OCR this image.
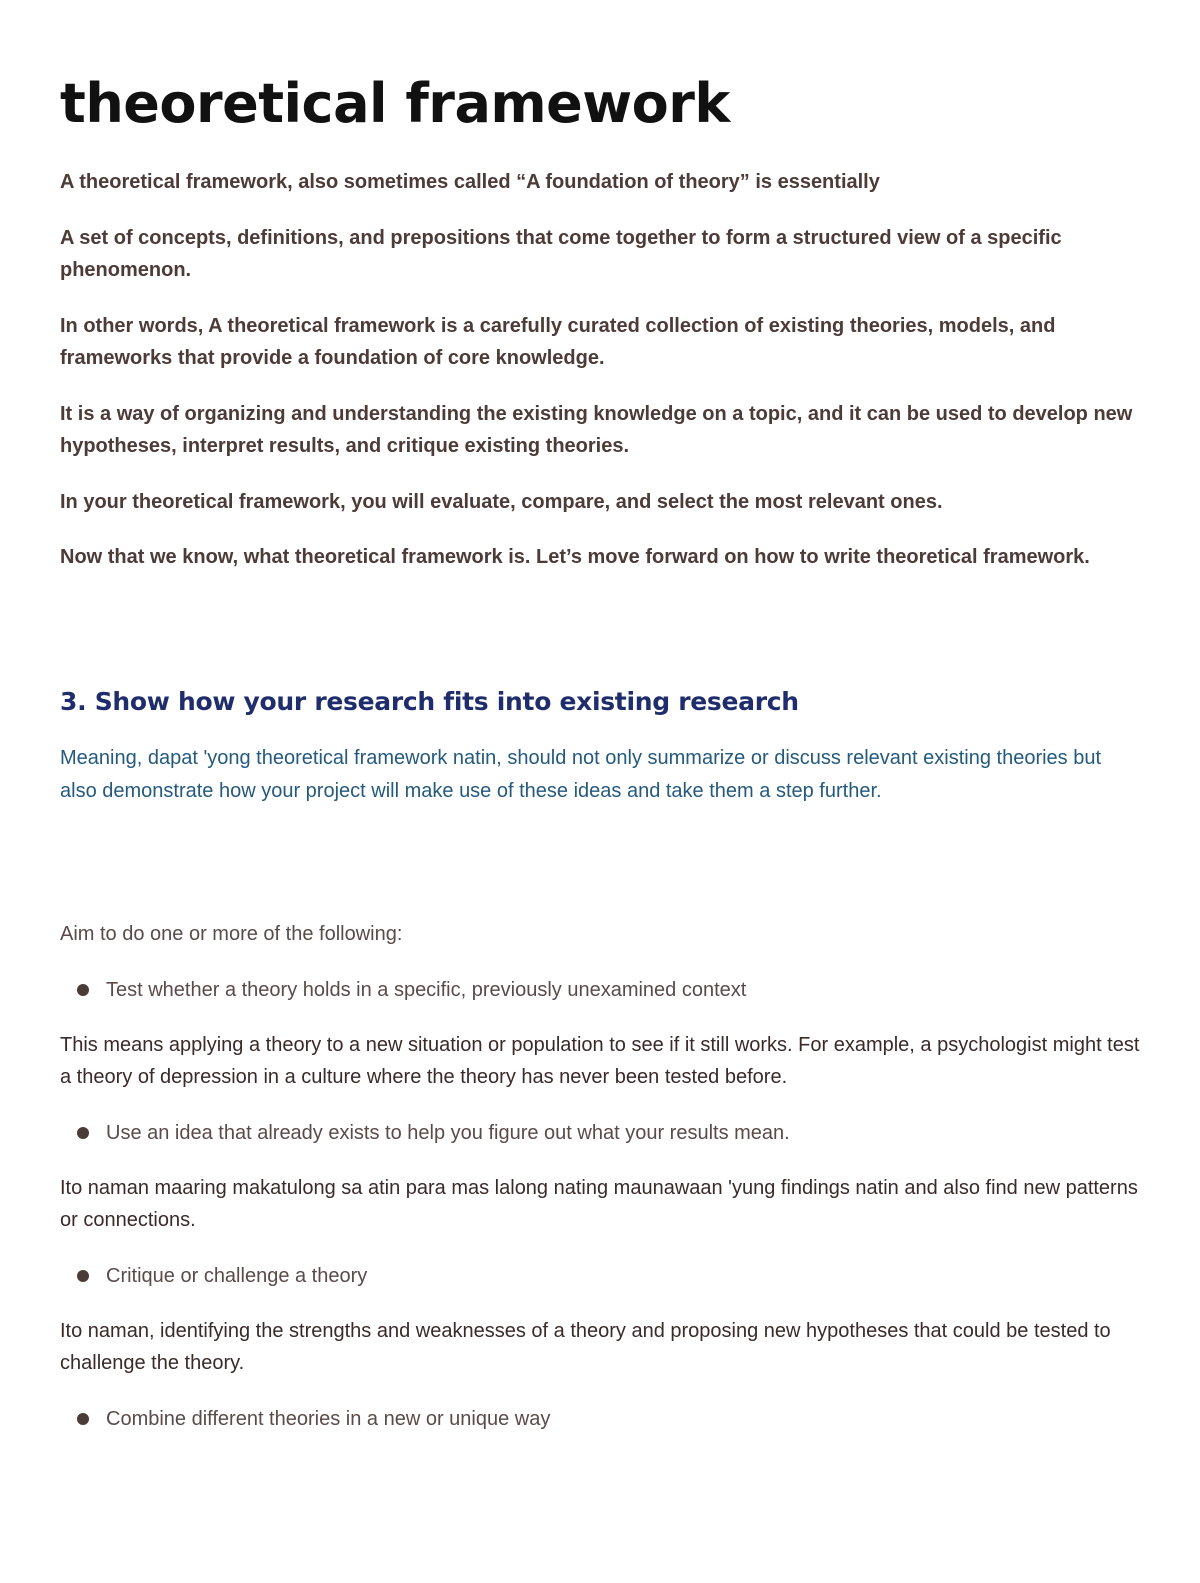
theoretical framework

A theoretical framework, also sometimes called “A foundation of theory” is essentially

A set of concepts, definitions, and prepositions that come together to form a structured view of a specific phenomenon.

In other words, A theoretical framework is a carefully curated collection of existing theories, models, and frameworks that provide a foundation of core knowledge.

It is a way of organizing and understanding the existing knowledge on a topic, and it can be used to develop new hypotheses, interpret results, and critique existing theories.

In your theoretical framework, you will evaluate, compare, and select the most relevant ones.

Now that we know, what theoretical framework is. Let’s move forward on how to write theoretical framework.

3. Show how your research fits into existing research

Meaning, dapat 'yong theoretical framework natin, should not only summarize or discuss relevant existing theories but also demonstrate how your project will make use of these ideas and take them a step further.

Aim to do one or more of the following:

Test whether a theory holds in a specific, previously unexamined context

This means applying a theory to a new situation or population to see if it still works. For example, a psychologist might test a theory of depression in a culture where the theory has never been tested before.

Use an idea that already exists to help you figure out what your results mean.

Ito naman maaring makatulong sa atin para mas lalong nating maunawaan 'yung findings natin and also find new patterns or connections.

Critique or challenge a theory

Ito naman, identifying the strengths and weaknesses of a theory and proposing new hypotheses that could be tested to challenge the theory.

Combine different theories in a new or unique way
